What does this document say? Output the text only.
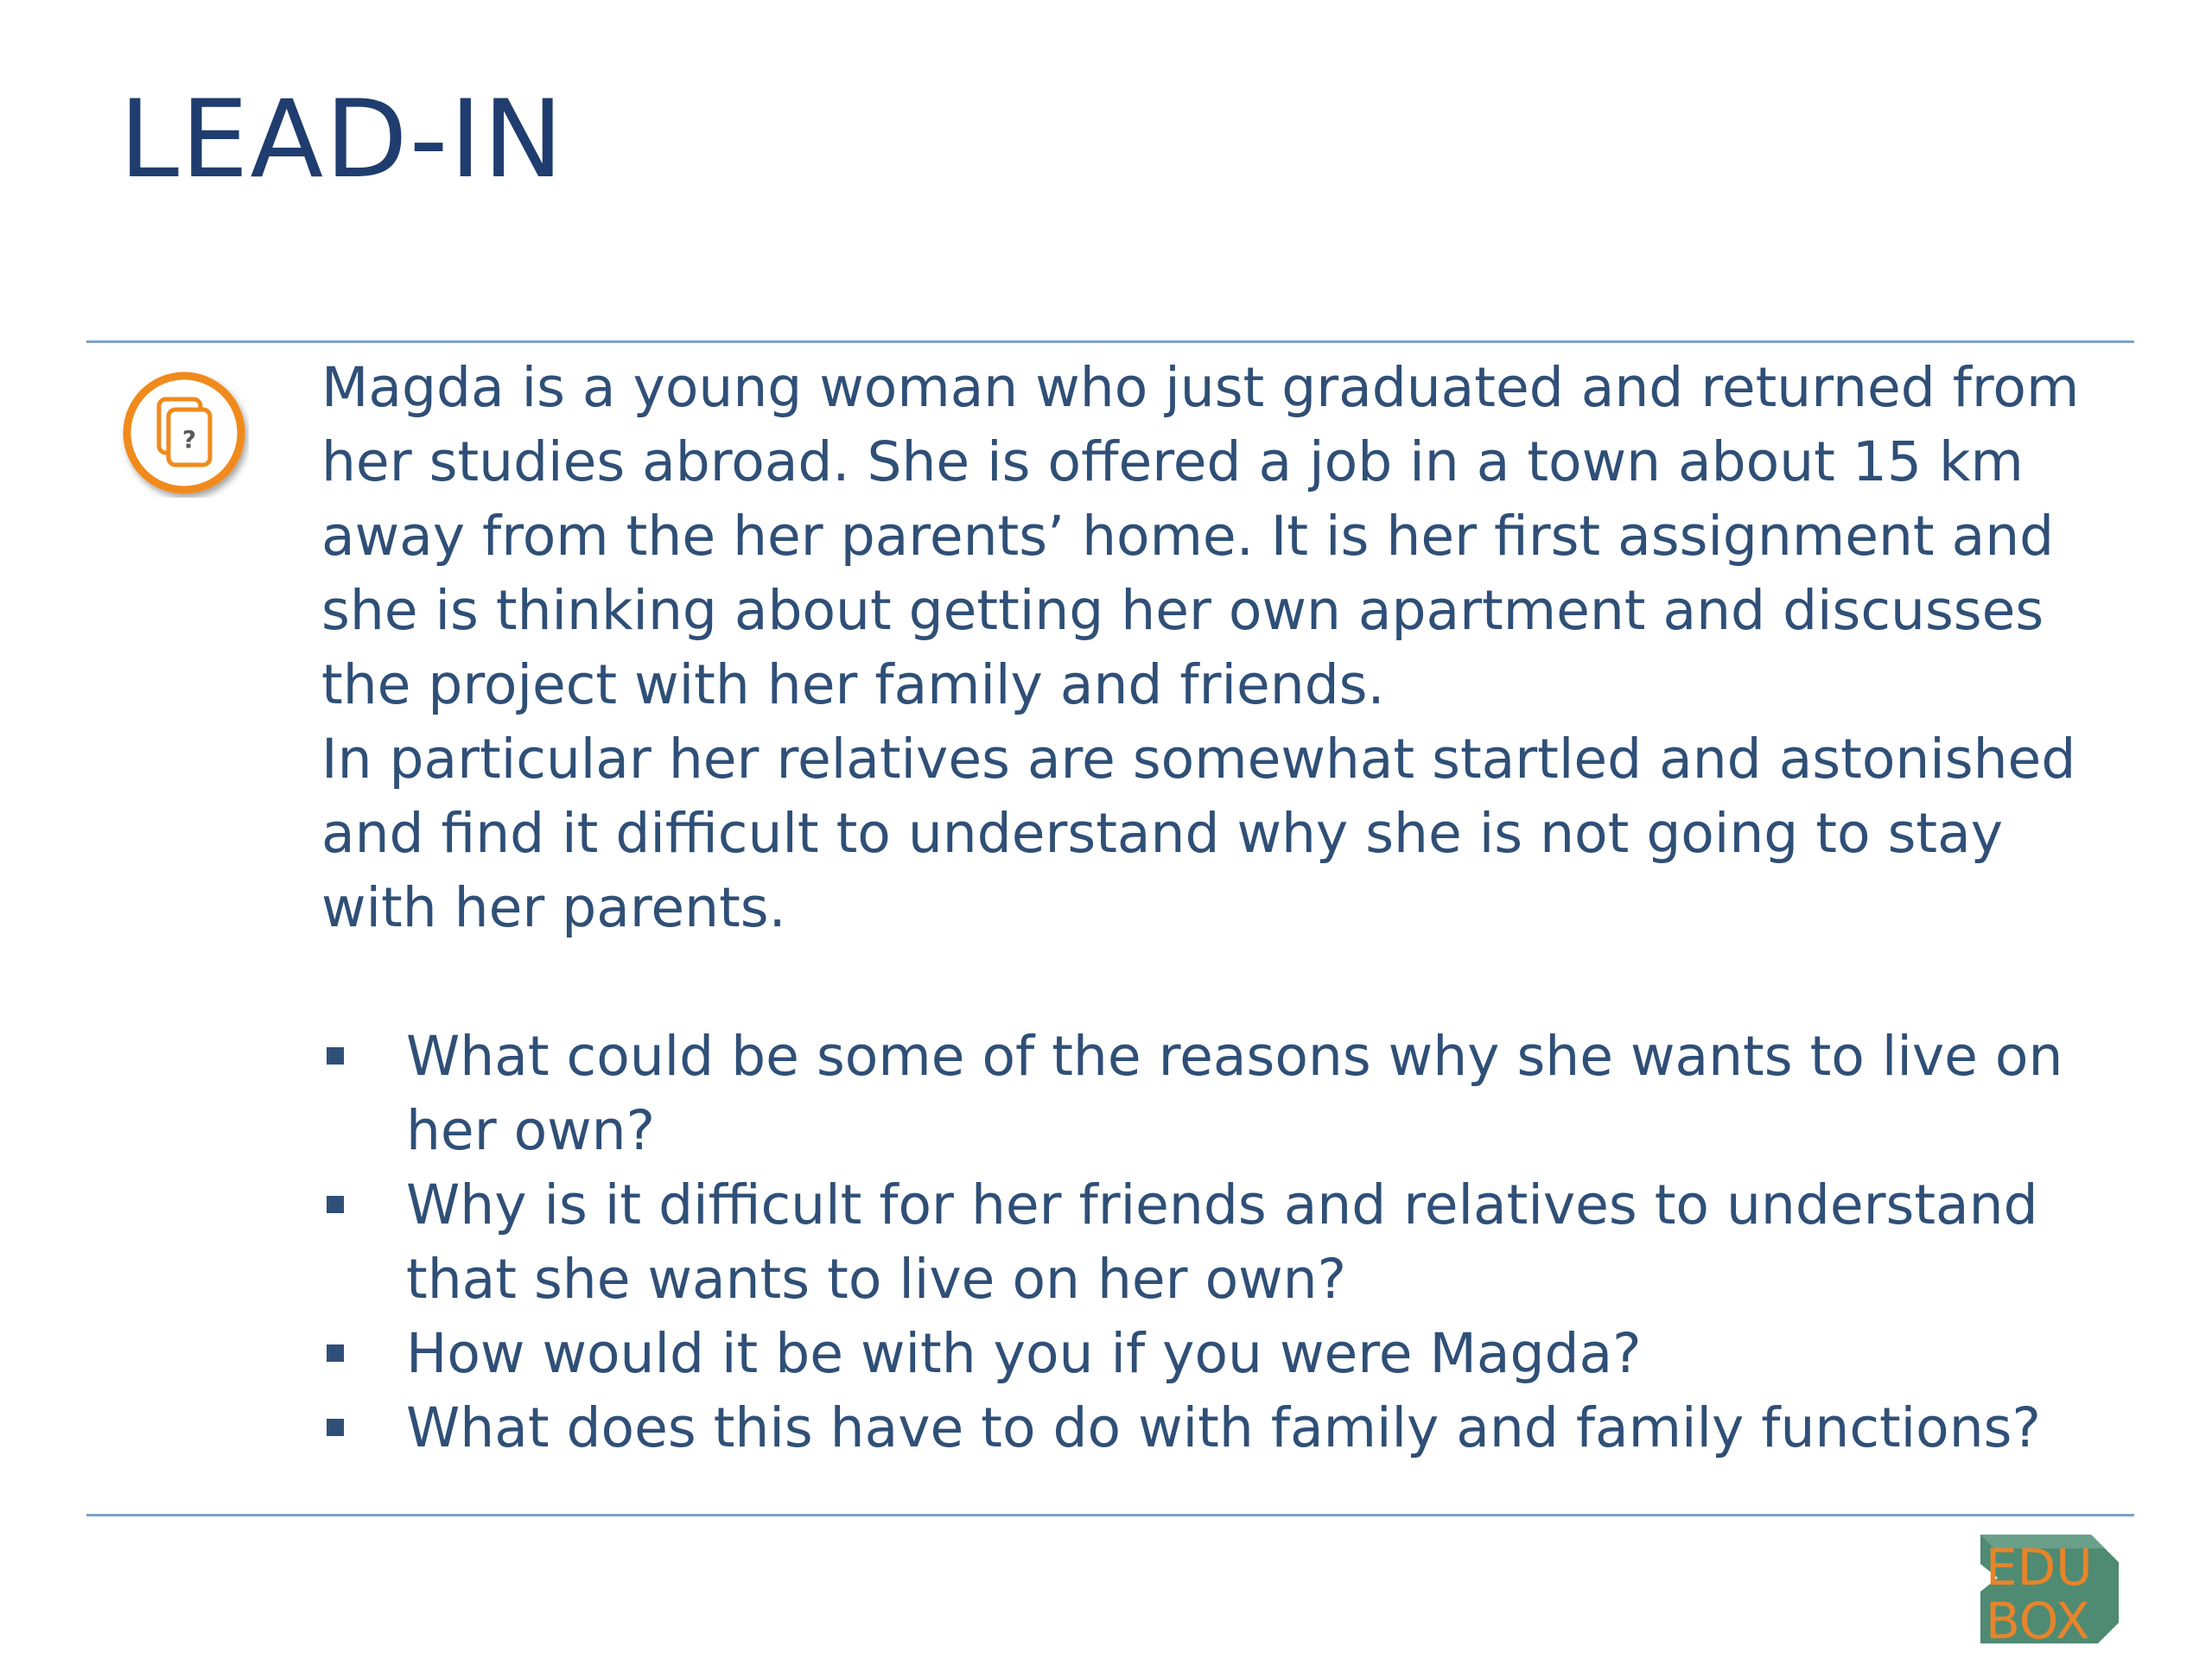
LEAD-IN
?

Magda is a young woman who just graduated and returned from her studies abroad. She is offered a job in a town about 15 km away from the her parents’ home. It is her first assignment and she is thinking about getting her own apartment and discusses the project with her family and friends.

In particular her relatives are somewhat startled and astonished and find it difficult to understand why she is not going to stay with her parents.

What could be some of the reasons why she wants to live on her own?
Why is it difficult for her friends and relatives to understand that she wants to live on her own?
How would it be with you if you were Magda?
What does this have to do with family and family functions?
EDU
BOX
